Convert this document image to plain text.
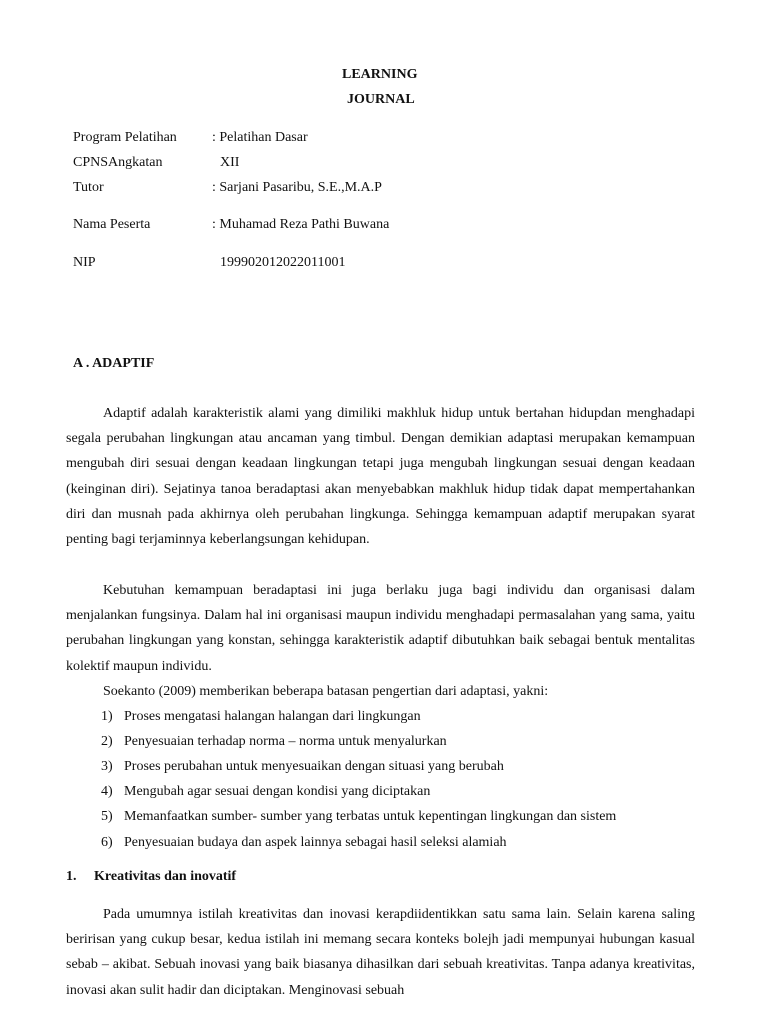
LEARNING
JOURNAL
Program Pelatihan	: Pelatihan Dasar
CPNSAngkatan	XII
Tutor	: Sarjani Pasaribu, S.E.,M.A.P
Nama Peserta	: Muhamad Reza Pathi Buwana
NIP	199902012022011001
A . ADAPTIF

Adaptif adalah karakteristik alami yang dimiliki makhluk hidup untuk bertahan hidupdan menghadapi segala perubahan lingkungan atau ancaman yang timbul. Dengan demikian adaptasi merupakan kemampuan mengubah diri sesuai dengan keadaan lingkungan tetapi juga mengubah lingkungan sesuai dengan keadaan (keinginan diri). Sejatinya tanoa beradaptasi akan menyebabkan makhluk hidup tidak dapat mempertahankan diri dan musnah pada akhirnya oleh perubahan lingkunga. Sehingga kemampuan adaptif merupakan syarat penting bagi terjaminnya keberlangsungan kehidupan.

Kebutuhan kemampuan beradaptasi ini juga berlaku juga bagi individu dan organisasi dalam menjalankan fungsinya. Dalam hal ini organisasi maupun individu menghadapi permasalahan yang sama, yaitu perubahan lingkungan yang konstan, sehingga karakteristik adaptif dibutuhkan baik sebagai bentuk mentalitas kolektif maupun individu.

Soekanto (2009) memberikan beberapa batasan pengertian dari adaptasi, yakni:

1) Proses mengatasi halangan halangan dari lingkungan
2) Penyesuaian terhadap norma – norma untuk menyalurkan
3) Proses perubahan untuk menyesuaikan dengan situasi yang berubah
4) Mengubah agar sesuai dengan kondisi yang diciptakan
5) Memanfaatkan sumber- sumber yang terbatas untuk kepentingan lingkungan dan sistem
6) Penyesuaian budaya dan aspek lainnya sebagai hasil seleksi alamiah
1. Kreativitas dan inovatif

Pada umumnya istilah kreativitas dan inovasi kerapdiidentikkan satu sama lain. Selain karena saling beririsan yang cukup besar, kedua istilah ini memang secara konteks bolejh jadi mempunyai hubungan kasual sebab – akibat. Sebuah inovasi yang baik biasanya dihasilkan dari sebuah kreativitas. Tanpa adanya kreativitas, inovasi akan sulit hadir dan diciptakan. Menginovasi sebuah
